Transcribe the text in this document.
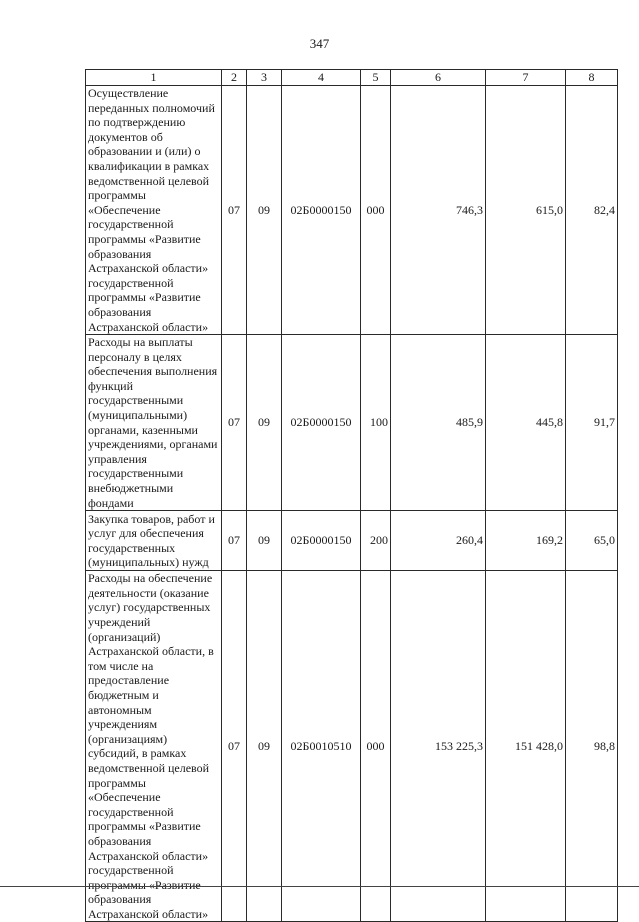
347
1	2	3	4	5	6	7	8
Осуществление переданных полномочий по подтверждению документов об образовании и (или) о квалификации в рамках ведомственной целевой программы «Обеспечение государственной программы «Развитие образования Астраханской области» государственной программы «Развитие образования Астраханской области»	07	09	02Б0000150	000	746,3	615,0	82,4
Расходы на выплаты персоналу в целях обеспечения выполнения функций государственными (муниципальными) органами, казенными учреждениями, органами управления государственными внебюджетными фондами	07	09	02Б0000150	100	485,9	445,8	91,7
Закупка товаров, работ и услуг для обеспечения государственных (муниципальных) нужд	07	09	02Б0000150	200	260,4	169,2	65,0
Расходы на обеспечение деятельности (оказание услуг) государственных учреждений (организаций) Астраханской области, в том числе на предоставление бюджетным и автономным учреждениям (организациям) субсидий, в рамках ведомственной целевой программы «Обеспечение государственной программы «Развитие образования Астраханской области» государственной программы «Развитие образования Астраханской области»	07	09	02Б0010510	000	153 225,3	151 428,0	98,8
